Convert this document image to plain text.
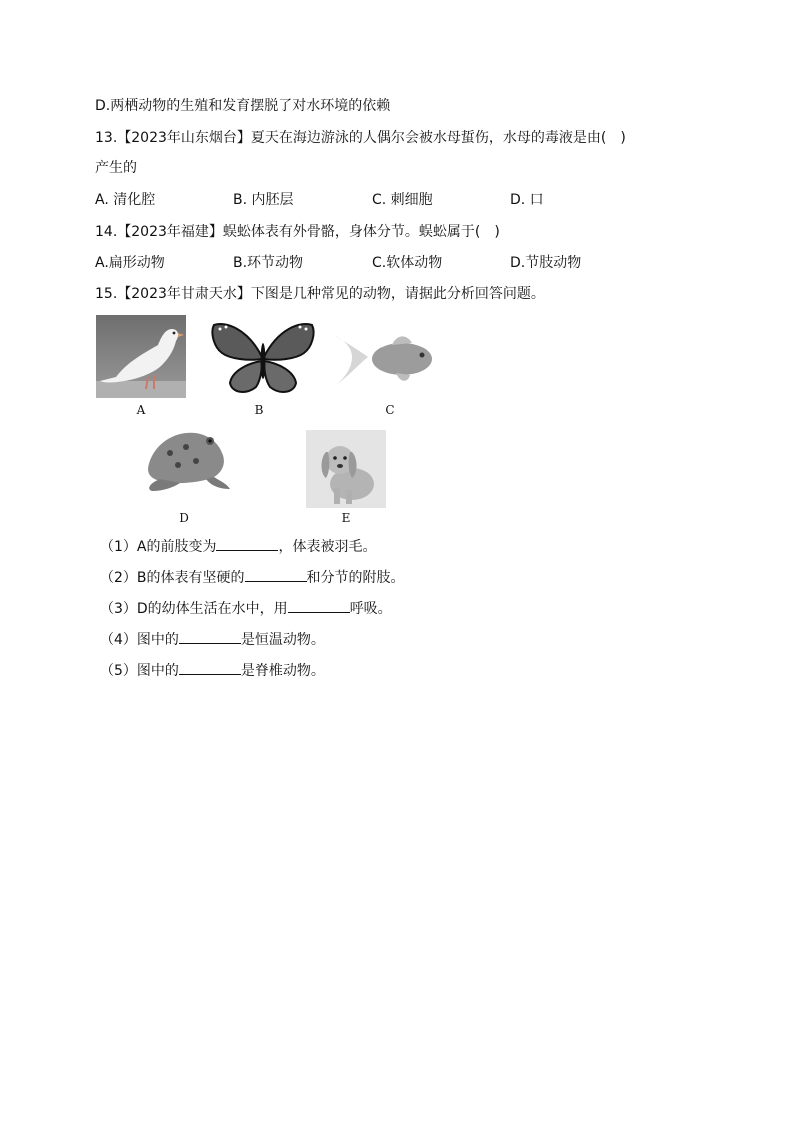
D.两栖动物的生殖和发育摆脱了对水环境的依赖
13.【2023年山东烟台】夏天在海边游泳的人偶尔会被水母蜇伤，水母的毒液是由(　)
产生的
A. 清化腔	B. 内胚层	C. 刺细胞	D. 口
14.【2023年福建】蜈蚣体表有外骨骼，身体分节。蜈蚣属于(　)
A.扁形动物	B.环节动物	C.软体动物	D.节肢动物
15.【2023年甘肃天水】下图是几种常见的动物，请据此分析回答问题。
A	B	C
D	E
（1）A的前肢变为	，体表被羽毛。
（2）B的体表有坚硬的	和分节的附肢。
（3）D的幼体生活在水中，用	呼吸。
（4）图中的	是恒温动物。
（5）图中的	是脊椎动物。
